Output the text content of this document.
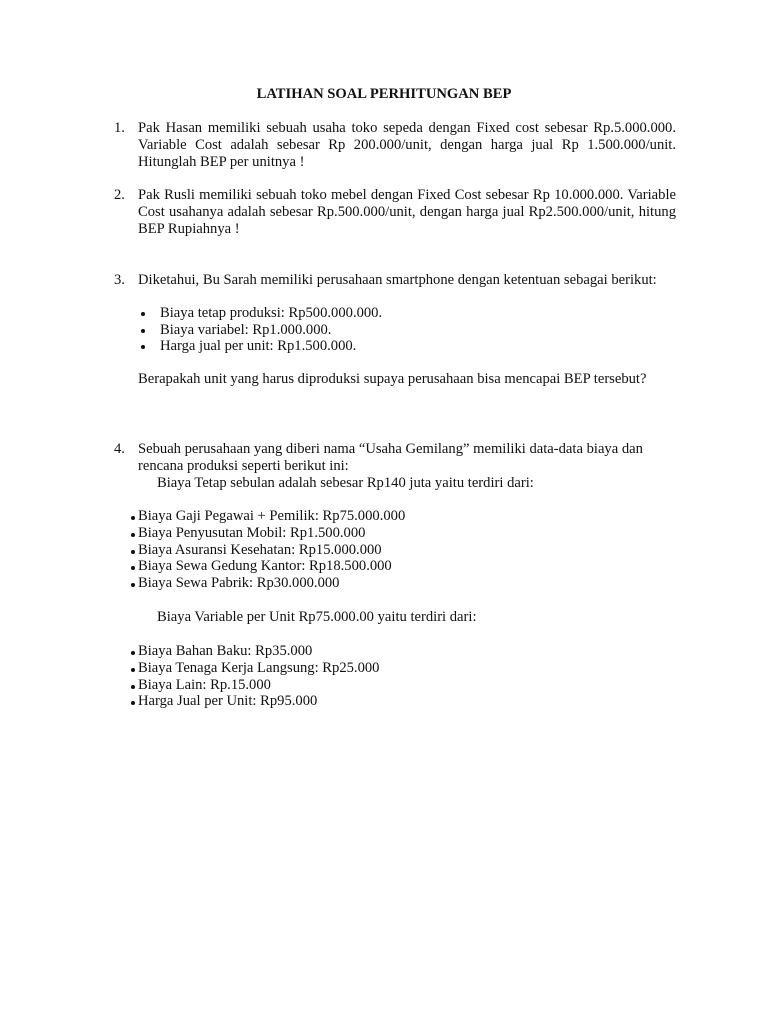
LATIHAN SOAL PERHITUNGAN BEP
1. Pak Hasan memiliki sebuah usaha toko sepeda dengan Fixed cost sebesar Rp.5.000.000. Variable Cost adalah sebesar Rp 200.000/unit, dengan harga jual Rp 1.500.000/unit. Hitunglah BEP per unitnya !
2. Pak Rusli memiliki sebuah toko mebel dengan Fixed Cost sebesar Rp 10.000.000. Variable Cost usahanya adalah sebesar Rp.500.000/unit, dengan harga jual Rp2.500.000/unit, hitung BEP Rupiahnya !
3. Diketahui, Bu Sarah memiliki perusahaan smartphone dengan ketentuan sebagai berikut:
Biaya tetap produksi: Rp500.000.000.
Biaya variabel: Rp1.000.000.
Harga jual per unit: Rp1.500.000.
Berapakah unit yang harus diproduksi supaya perusahaan bisa mencapai BEP tersebut?
4. Sebuah perusahaan yang diberi nama “Usaha Gemilang” memiliki data-data biaya dan rencana produksi seperti berikut ini:
Biaya Tetap sebulan adalah sebesar Rp140 juta yaitu terdiri dari:
Biaya Gaji Pegawai + Pemilik: Rp75.000.000
Biaya Penyusutan Mobil: Rp1.500.000
Biaya Asuransi Kesehatan: Rp15.000.000
Biaya Sewa Gedung Kantor: Rp18.500.000
Biaya Sewa Pabrik: Rp30.000.000
Biaya Variable per Unit Rp75.000.00 yaitu terdiri dari:
Biaya Bahan Baku: Rp35.000
Biaya Tenaga Kerja Langsung: Rp25.000
Biaya Lain: Rp.15.000
Harga Jual per Unit: Rp95.000
